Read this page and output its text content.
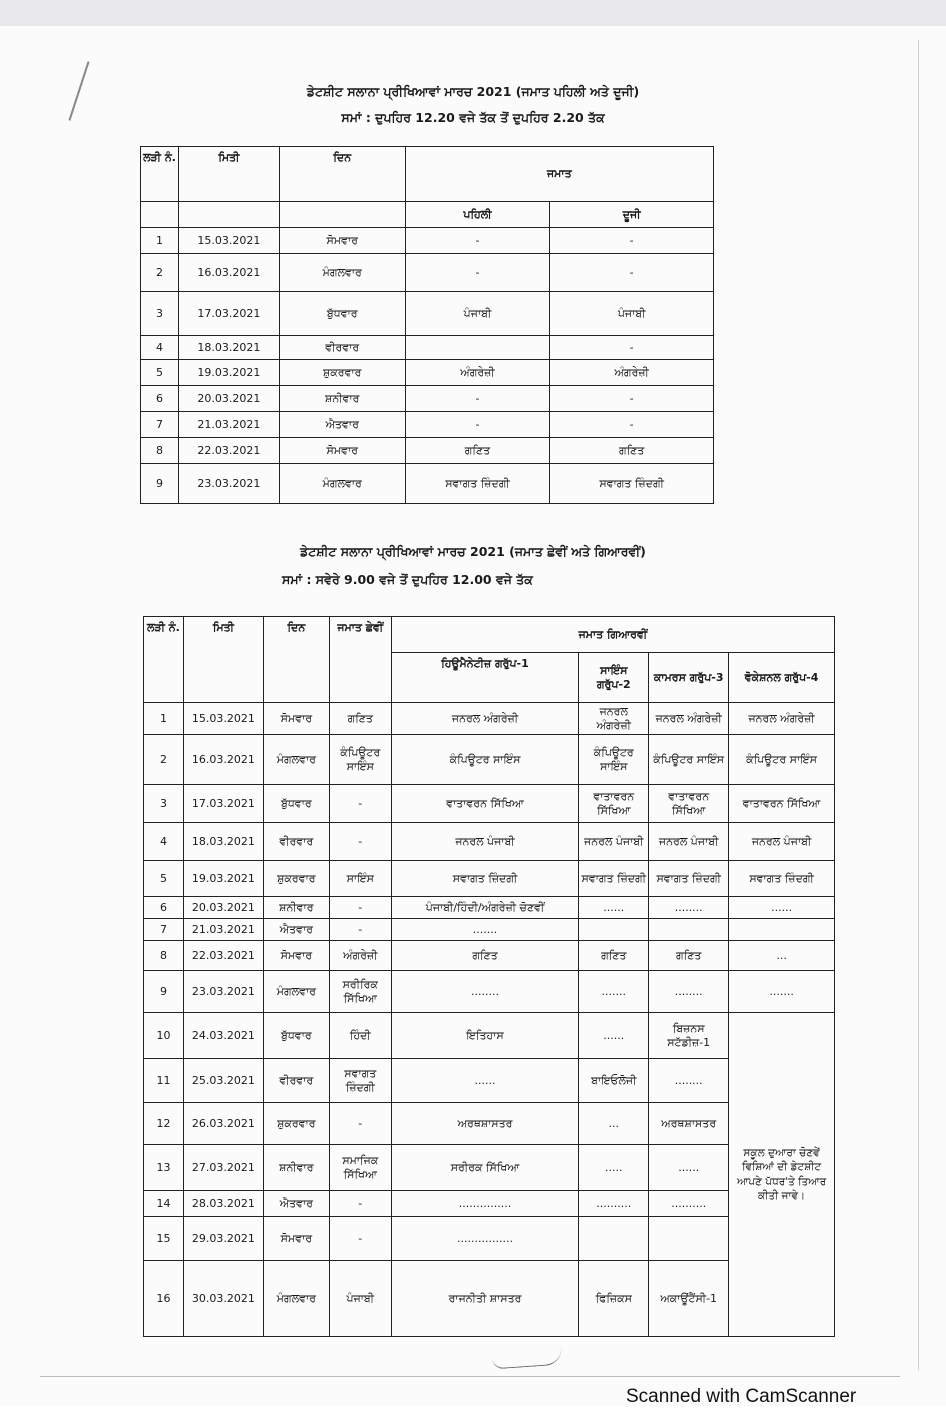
ਡੇਟਸ਼ੀਟ ਸਲਾਨਾ ਪ੍ਰੀਖਿਆਵਾਂ ਮਾਰਚ 2021 (ਜਮਾਤ ਪਹਿਲੀ ਅਤੇ ਦੂਜੀ)
ਸਮਾਂ : ਦੁਪਹਿਰ 12.20 ਵਜੇ ਤੱਕ ਤੋਂ ਦੁਪਹਿਰ 2.20 ਤੱਕ
ਲੜੀ ਨੰ.	ਮਿਤੀ	ਦਿਨ	ਜਮਾਤ	
			ਪਹਿਲੀ	ਦੂਜੀ
1	15.03.2021	ਸੋਮਵਾਰ	-	-
2	16.03.2021	ਮੰਗਲਵਾਰ	-	-
3	17.03.2021	ਬੁੱਧਵਾਰ	ਪੰਜਾਬੀ	ਪੰਜਾਬੀ
4	18.03.2021	ਵੀਰਵਾਰ		-
5	19.03.2021	ਸ਼ੁਕਰਵਾਰ	ਅੰਗਰੇਜ਼ੀ	ਅੰਗਰੇਜ਼ੀ
6	20.03.2021	ਸ਼ਨੀਵਾਰ	-	-
7	21.03.2021	ਐਤਵਾਰ	-	-
8	22.03.2021	ਸੋਮਵਾਰ	ਗਣਿਤ	ਗਣਿਤ
9	23.03.2021	ਮੰਗਲਵਾਰ	ਸਵਾਗਤ ਜ਼ਿੰਦਗੀ	ਸਵਾਗਤ ਜ਼ਿੰਦਗੀ
ਡੇਟਸ਼ੀਟ ਸਲਾਨਾ ਪ੍ਰੀਖਿਆਵਾਂ ਮਾਰਚ 2021 (ਜਮਾਤ ਛੇਵੀਂ ਅਤੇ ਗਿਆਰਵੀਂ)
ਸਮਾਂ : ਸਵੇਰੇ 9.00 ਵਜੇ ਤੋਂ ਦੁਪਹਿਰ 12.00 ਵਜੇ ਤੱਕ
ਲੜੀ ਨੰ.	ਮਿਤੀ	ਦਿਨ	ਜਮਾਤ ਛੇਵੀਂ	ਜਮਾਤ ਗਿਆਰਵੀਂ			
				ਹਿਊਮੈਨੇਟੀਜ਼ ਗਰੁੱਪ-1	ਸਾਇੰਸ ਗਰੁੱਪ-2	ਕਾਮਰਸ ਗਰੁੱਪ-3	ਵੋਕੇਸ਼ਨਲ ਗਰੁੱਪ-4
1	15.03.2021	ਸੋਮਵਾਰ	ਗਣਿਤ	ਜਨਰਲ ਅੰਗਰੇਜ਼ੀ	ਜਨਰਲ ਅੰਗਰੇਜ਼ੀ	ਜਨਰਲ ਅੰਗਰੇਜ਼ੀ	ਜਨਰਲ ਅੰਗਰੇਜ਼ੀ
2	16.03.2021	ਮੰਗਲਵਾਰ	ਕੰਪਿਊਟਰ ਸਾਇੰਸ	ਕੰਪਿਊਟਰ ਸਾਇੰਸ	ਕੰਪਿਊਟਰ ਸਾਇੰਸ	ਕੰਪਿਊਟਰ ਸਾਇੰਸ	ਕੰਪਿਊਟਰ ਸਾਇੰਸ
3	17.03.2021	ਬੁੱਧਵਾਰ	-	ਵਾਤਾਵਰਨ ਸਿੱਖਿਆ	ਵਾਤਾਵਰਨ ਸਿੱਖਿਆ	ਵਾਤਾਵਰਨ ਸਿੱਖਿਆ	ਵਾਤਾਵਰਨ ਸਿੱਖਿਆ
4	18.03.2021	ਵੀਰਵਾਰ	-	ਜਨਰਲ ਪੰਜਾਬੀ	ਜਨਰਲ ਪੰਜਾਬੀ	ਜਨਰਲ ਪੰਜਾਬੀ	ਜਨਰਲ ਪੰਜਾਬੀ
5	19.03.2021	ਸ਼ੁਕਰਵਾਰ	ਸਾਇੰਸ	ਸਵਾਗਤ ਜ਼ਿੰਦਗੀ	ਸਵਾਗਤ ਜ਼ਿੰਦਗੀ	ਸਵਾਗਤ ਜ਼ਿੰਦਗੀ	ਸਵਾਗਤ ਜ਼ਿੰਦਗੀ
6	20.03.2021	ਸ਼ਨੀਵਾਰ	-	ਪੰਜਾਬੀ/ਹਿੰਦੀ/ਅੰਗਰੇਜ਼ੀ ਚੋਣਵੀਂ	......	........	......
7	21.03.2021	ਐਤਵਾਰ	-	.......			
8	22.03.2021	ਸੋਮਵਾਰ	ਅੰਗਰੇਜ਼ੀ	ਗਣਿਤ	ਗਣਿਤ	ਗਣਿਤ	...
9	23.03.2021	ਮੰਗਲਵਾਰ	ਸਰੀਰਿਕ ਸਿੱਖਿਆ	........	.......	........	.......
10	24.03.2021	ਬੁੱਧਵਾਰ	ਹਿੰਦੀ	ਇਤਿਹਾਸ	......	ਬਿਜ਼ਨਸ ਸਟੱਡੀਜ਼-1	ਸਕੂਲ ਦੁਆਰਾ ਚੋਣਵੇਂ ਵਿਸ਼ਿਆਂ ਦੀ ਡੇਟਸ਼ੀਟ ਆਪਣੇ ਪੱਧਰ'ਤੇ ਤਿਆਰ ਕੀਤੀ ਜਾਵੇ।
11	25.03.2021	ਵੀਰਵਾਰ	ਸਵਾਗਤ ਜ਼ਿੰਦਗੀ	......	ਬਾਇਓਲੋਜੀ	........	
12	26.03.2021	ਸ਼ੁਕਰਵਾਰ	-	ਅਰਥਸ਼ਾਸਤਰ	...	ਅਰਥਸ਼ਾਸਤਰ	
13	27.03.2021	ਸ਼ਨੀਵਾਰ	ਸਮਾਜਿਕ ਸਿੱਖਿਆ	ਸਰੀਰਕ ਸਿੱਖਿਆ	.....	......	
14	28.03.2021	ਐਤਵਾਰ	-	...............	..........	..........	
15	29.03.2021	ਸੋਮਵਾਰ	-	................			
16	30.03.2021	ਮੰਗਲਵਾਰ	ਪੰਜਾਬੀ	ਰਾਜਨੀਤੀ ਸ਼ਾਸਤਰ	ਫਿਜ਼ਿਕਸ	ਅਕਾਊਂਟੈਂਸੀ-1	
Scanned with CamScanner
